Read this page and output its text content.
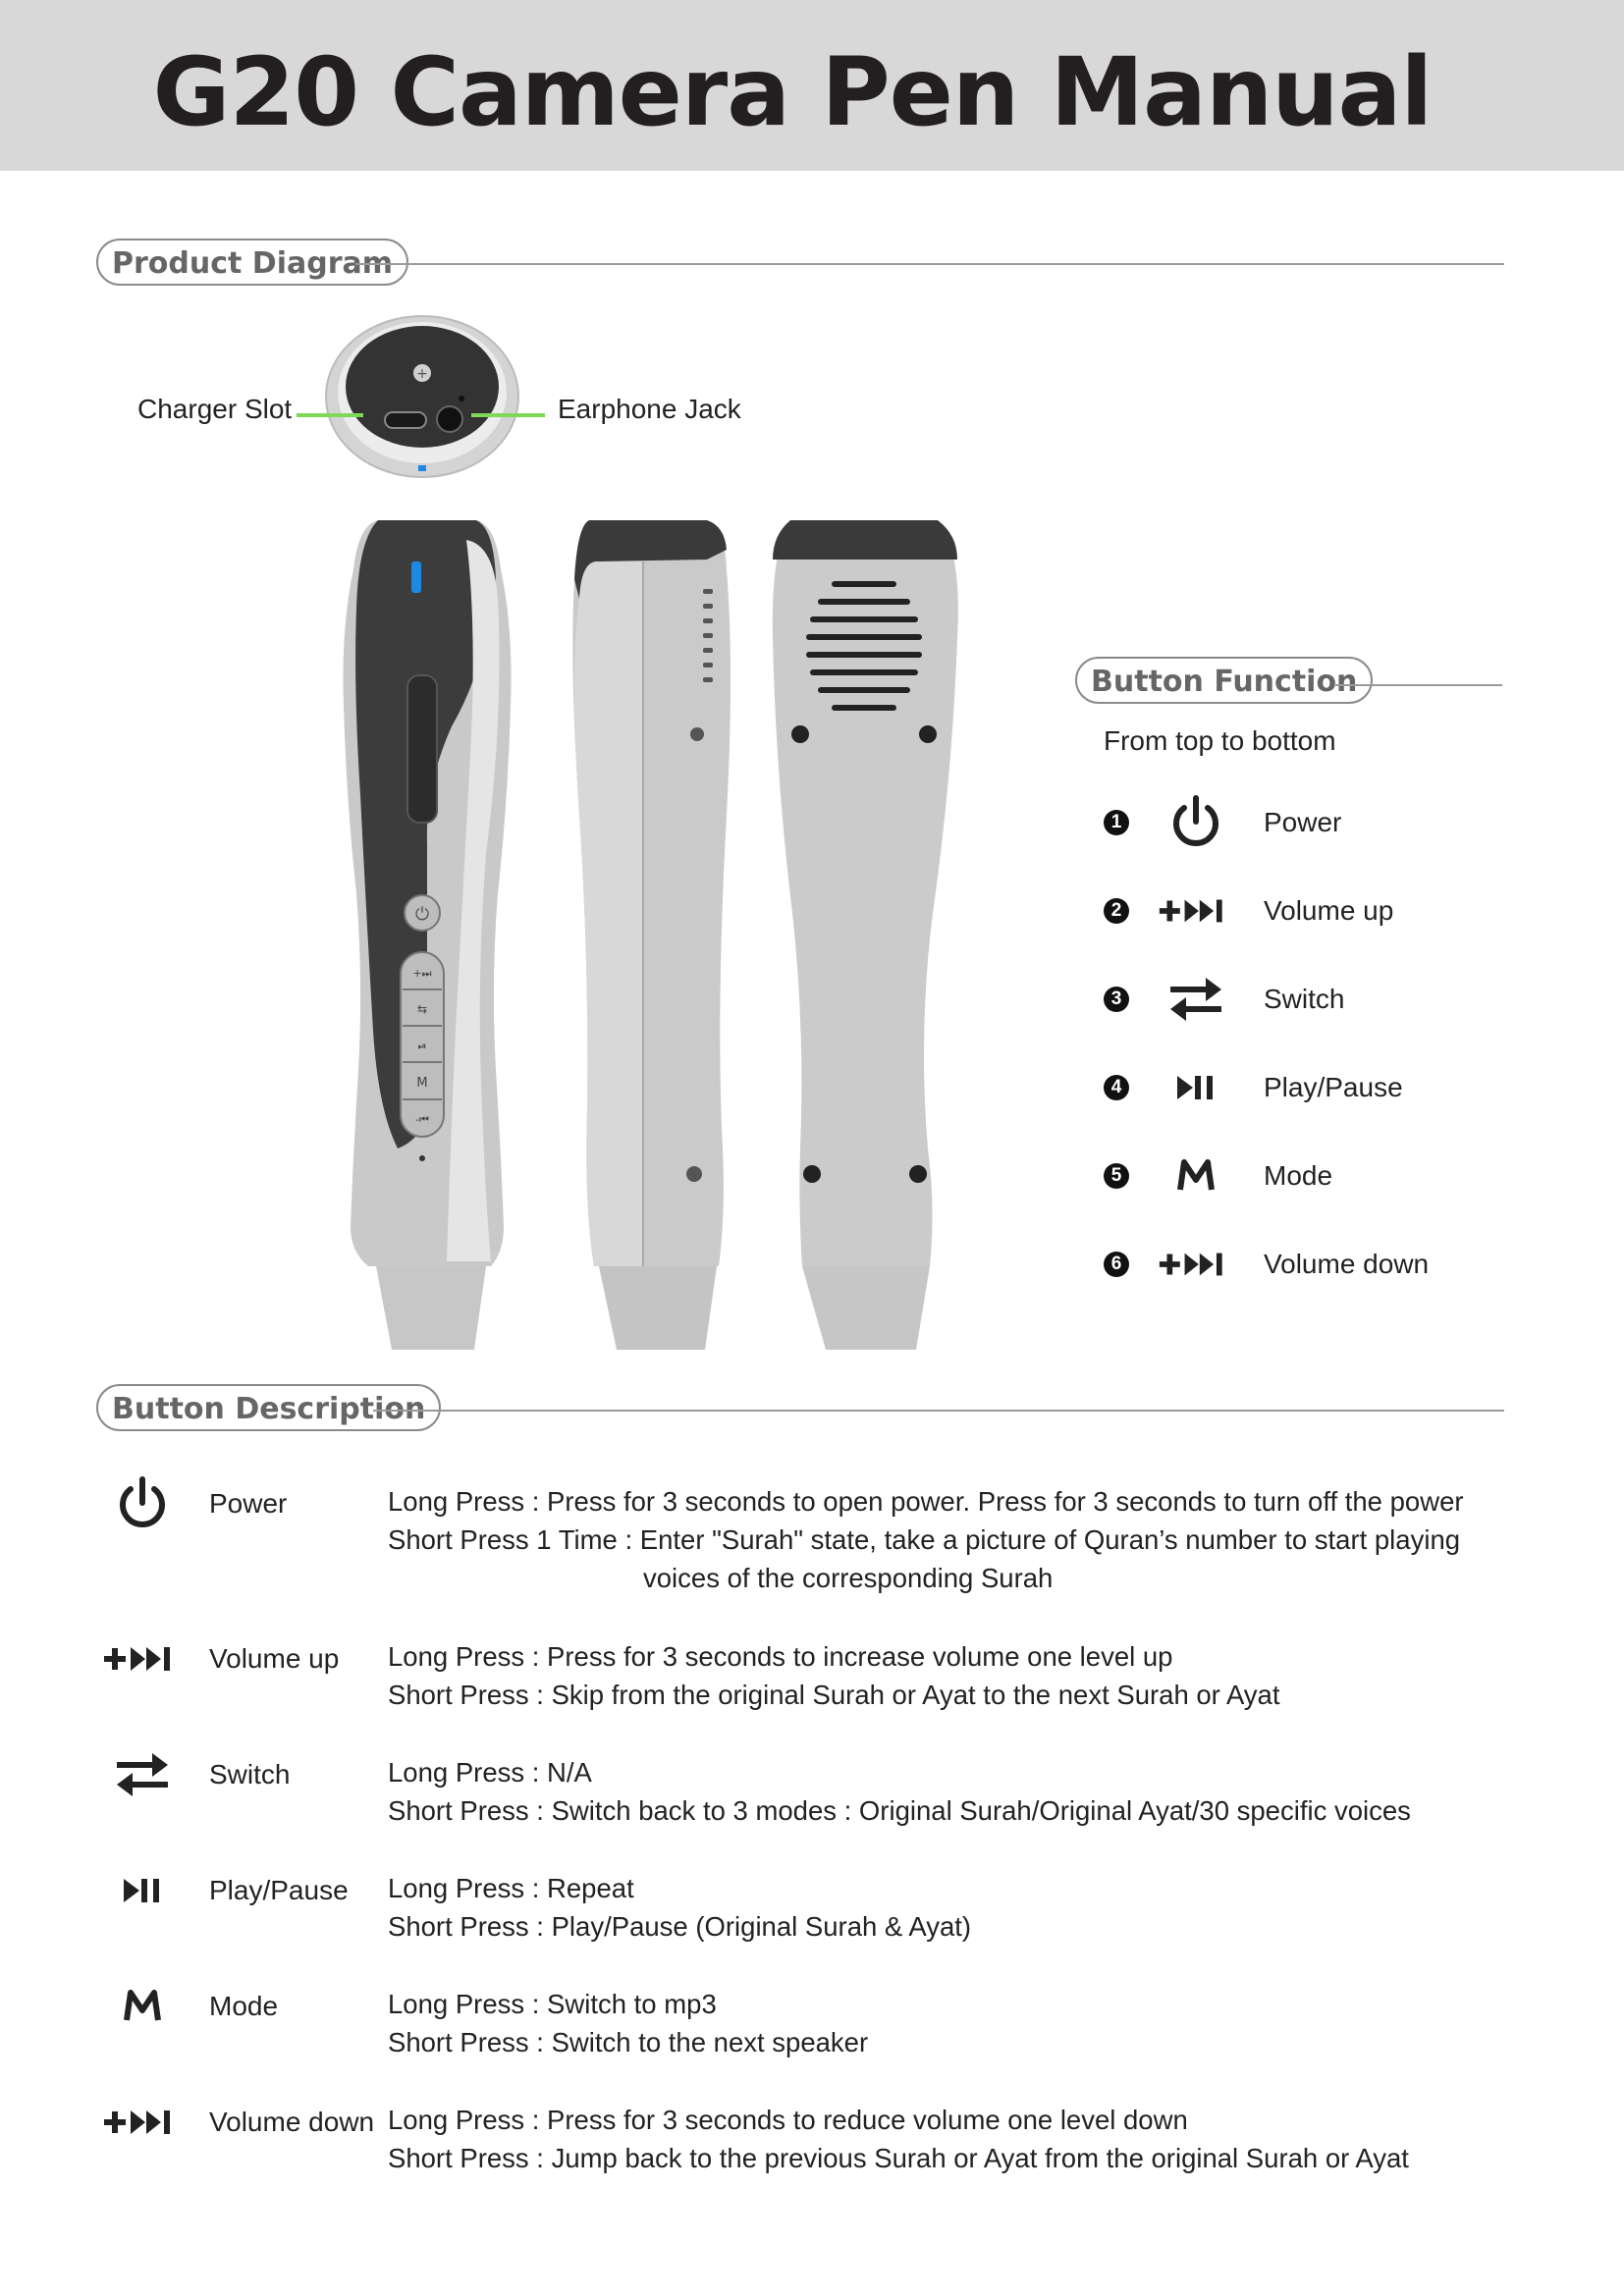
G20 Camera Pen Manual
Product Diagram
+
Charger Slot	Earphone Jack
⏻
+⏭
⇆
⏯
M
-⏮
Button Function
From top to bottom
1	Power
2	Volume up
3	Switch
4	Play/Pause
5	Mode
6	Volume down
Button Description
Power	Long Press : Press for 3 seconds to open power. Press for 3 seconds to turn off the power
Short Press 1 Time : Enter "Surah" state, take a picture of Quran’s number to start playing
voices of the corresponding Surah
Volume up Long Press : Press for 3 seconds to increase volume one level up
Short Press : Skip from the original Surah or Ayat to the next Surah or Ayat
Switch	Long Press : N/A
Short Press : Switch back to 3 modes : Original Surah/Original Ayat/30 specific voices
Play/Pause Long Press : Repeat
Short Press : Play/Pause (Original Surah & Ayat)
Mode	Long Press : Switch to mp3
Short Press : Switch to the next speaker
Volume down Long Press : Press for 3 seconds to reduce volume one level down
Short Press : Jump back to the previous Surah or Ayat from the original Surah or Ayat
